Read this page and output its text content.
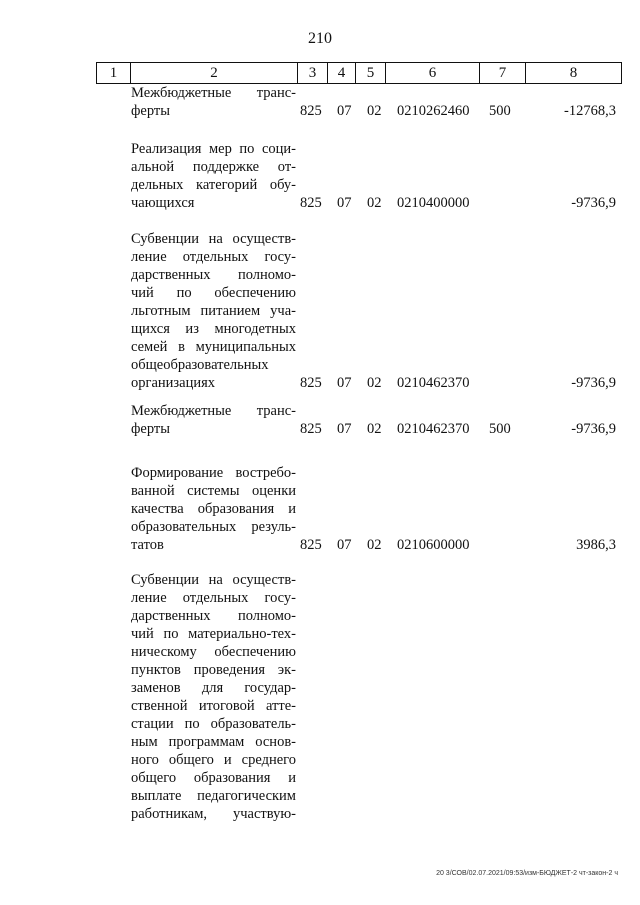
210
1	2	3	4	5	6	7	8
Межбюджетные транс-
ферты	825 07 02 0210262460 500	-12768,3
Реализация мер по соци-
альной поддержке от-
дельных категорий обу-
чающихся	825 07 02 0210400000	-9736,9
Субвенции на осуществ-
ление отдельных госу-
дарственных полномо-
чий по обеспечению
льготным питанием уча-
щихся из многодетных
семей в муниципальных
общеобразовательных
организациях	825 07 02 0210462370	-9736,9
Межбюджетные транс-
ферты	825 07 02 0210462370 500	-9736,9
Формирование востребо-
ванной системы оценки
качества образования и
образовательных резуль-
татов	825 07 02 0210600000	3986,3
Субвенции на осуществ-
ление отдельных госу-
дарственных полномо-
чий по материально-тех-
ническому обеспечению
пунктов проведения эк-
заменов для государ-
ственной итоговой атте-
стации по образователь-
ным программам основ-
ного общего и среднего
общего образования и
выплате педагогическим
работникам, участвую-
20 3/СОВ/02.07.2021/09:53/изм-БЮДЖЕТ-2 чт-закон-2 ч
